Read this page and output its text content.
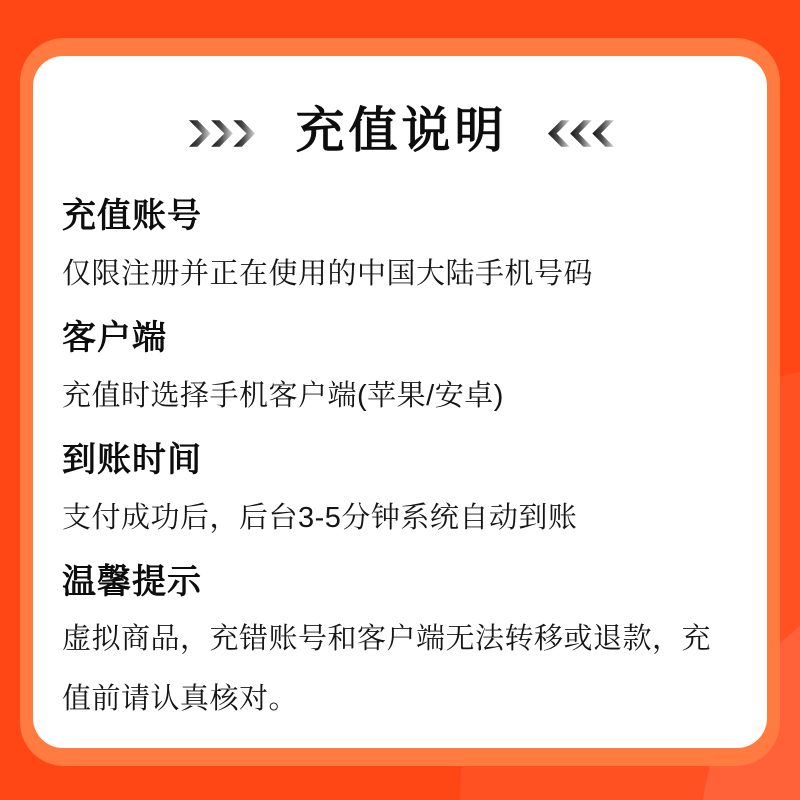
充值说明
充值账号

仅限注册并正在使用的中国大陆手机号码

客户端

充值时选择手机客户端(苹果/安卓)

到账时间

支付成功后，后台3-5分钟系统自动到账

温馨提示

虚拟商品，充错账号和客户端无法转移或退款，充值前请认真核对。
